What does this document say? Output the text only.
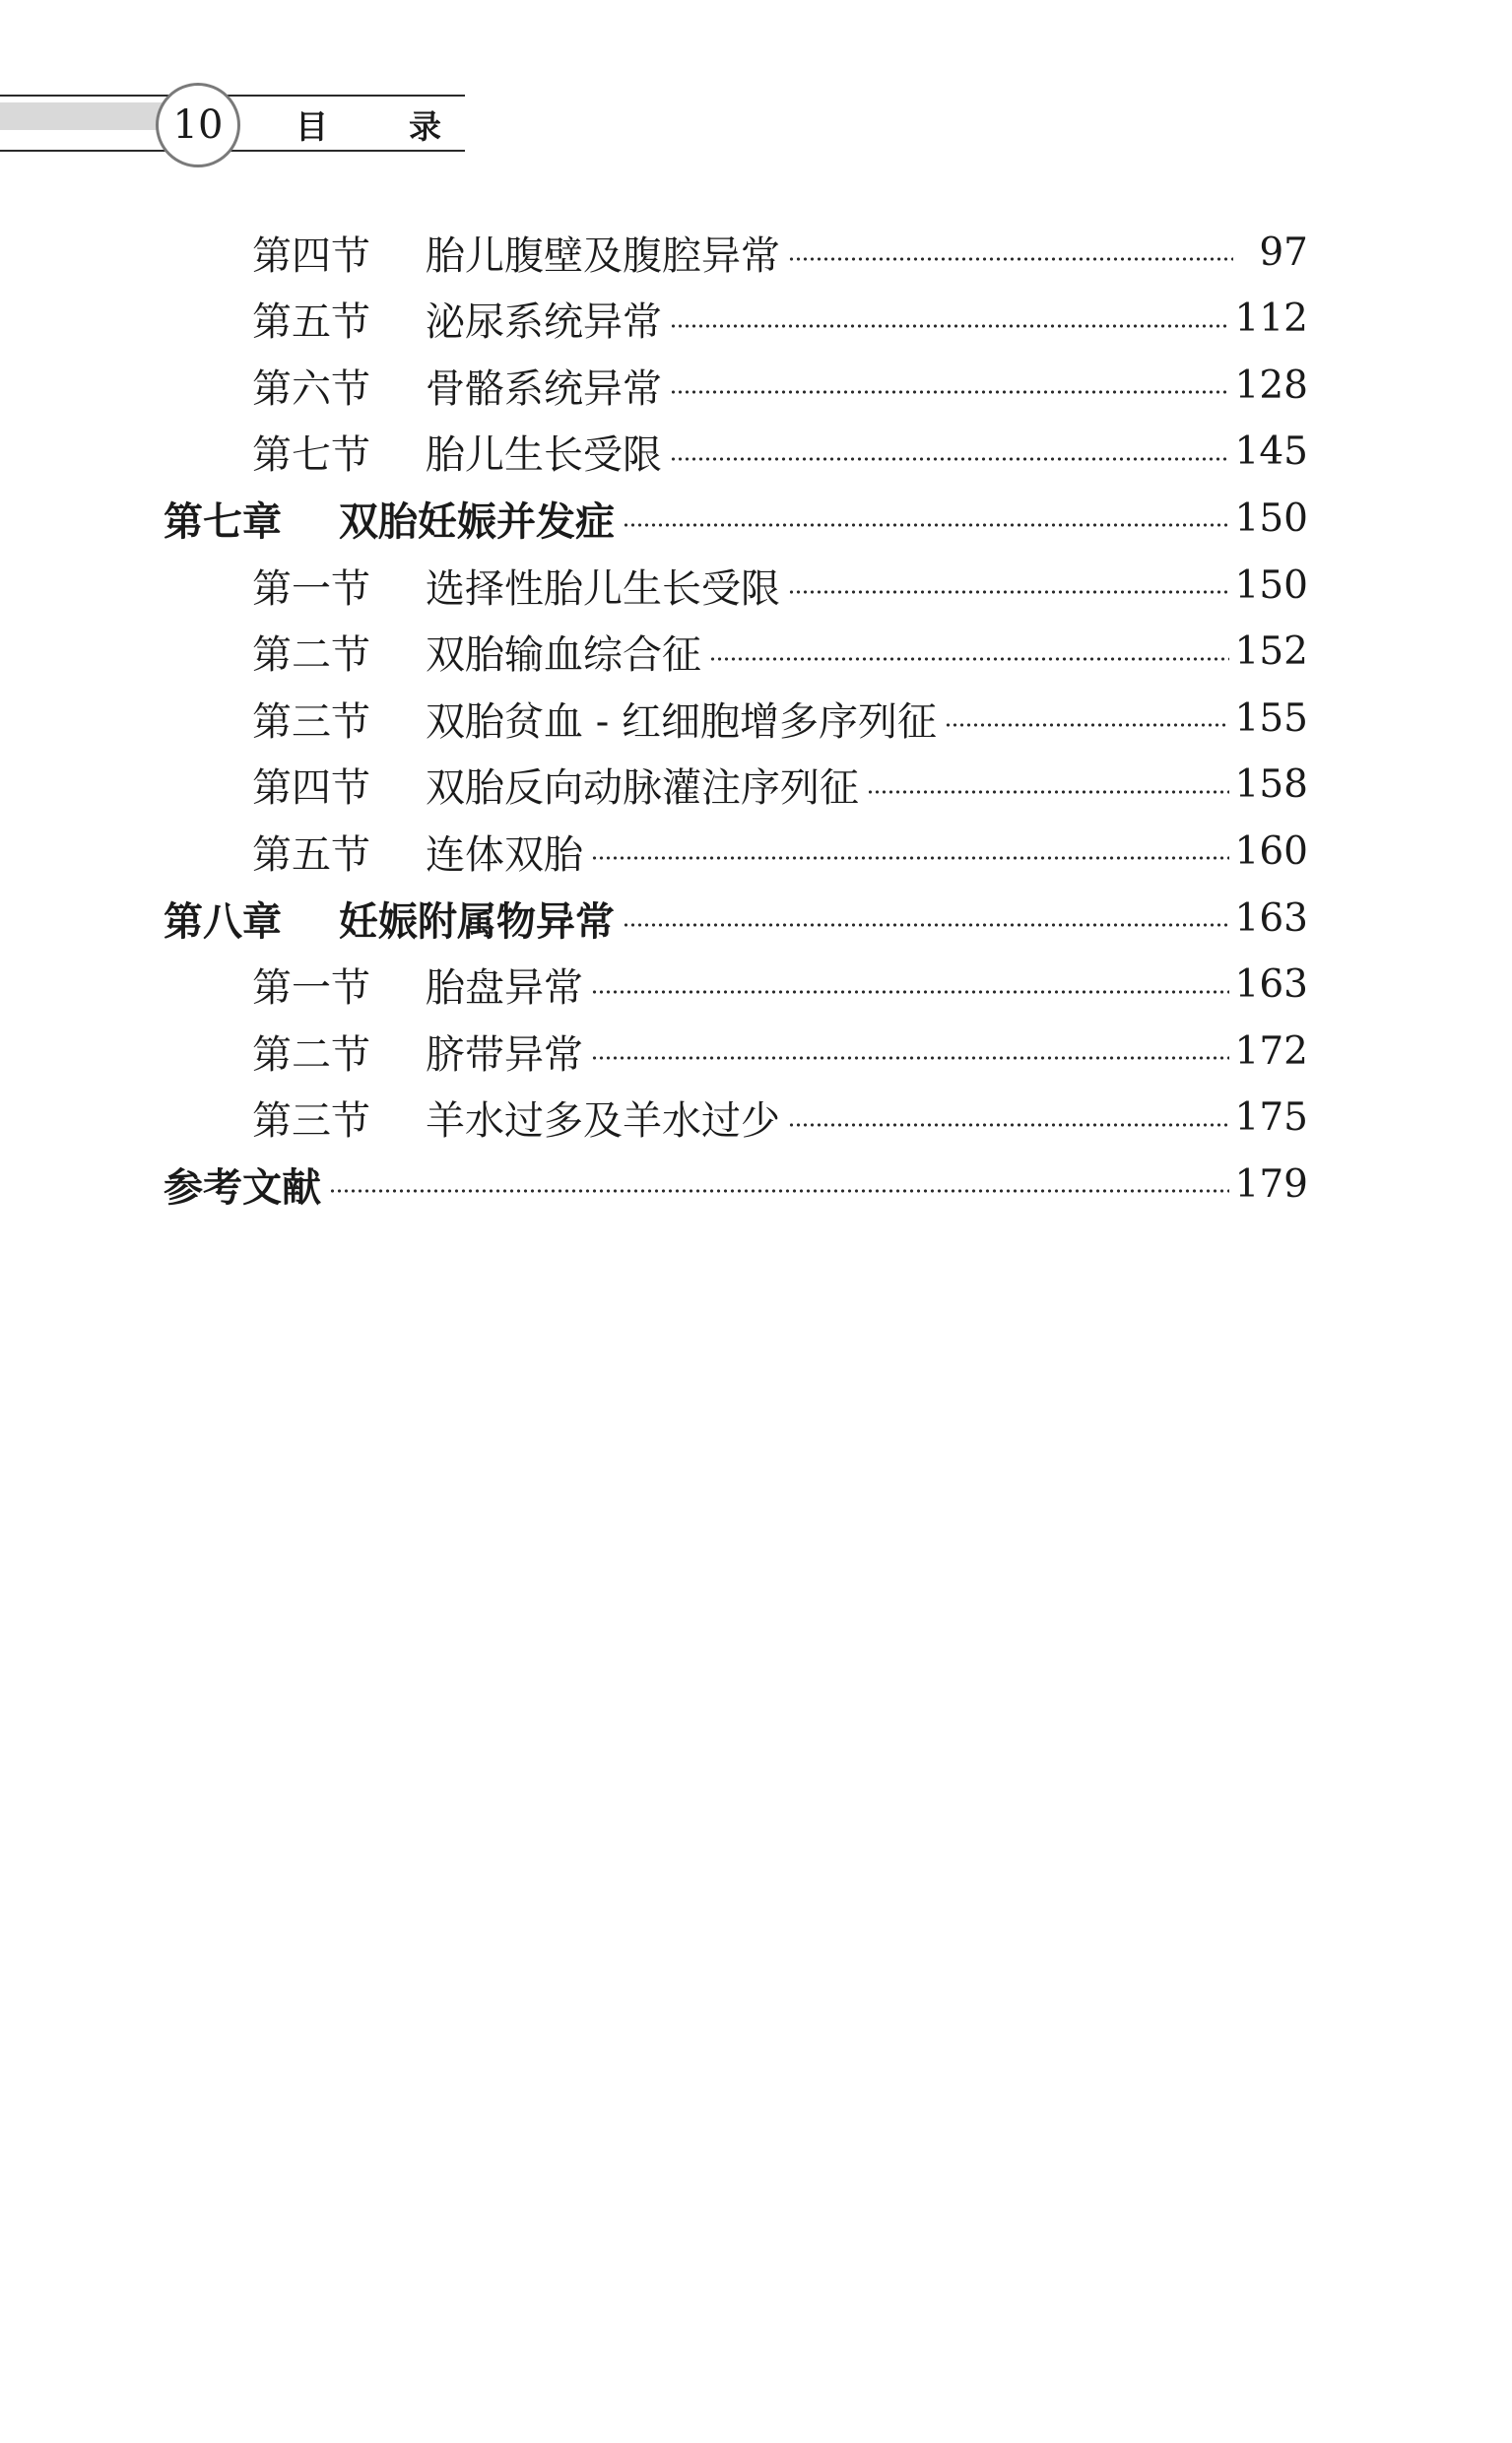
10 目 录
第四节	胎儿腹壁及腹腔异常	97
第五节	泌尿系统异常	112
第六节	骨骼系统异常	128
第七节	胎儿生长受限	145
第七章	双胎妊娠并发症	150
第一节	选择性胎儿生长受限	150
第二节	双胎输血综合征	152
第三节	双胎贫血 - 红细胞增多序列征	155
第四节	双胎反向动脉灌注序列征	158
第五节	连体双胎	160
第八章	妊娠附属物异常	163
第一节	胎盘异常	163
第二节	脐带异常	172
第三节	羊水过多及羊水过少	175
参考文献	179
